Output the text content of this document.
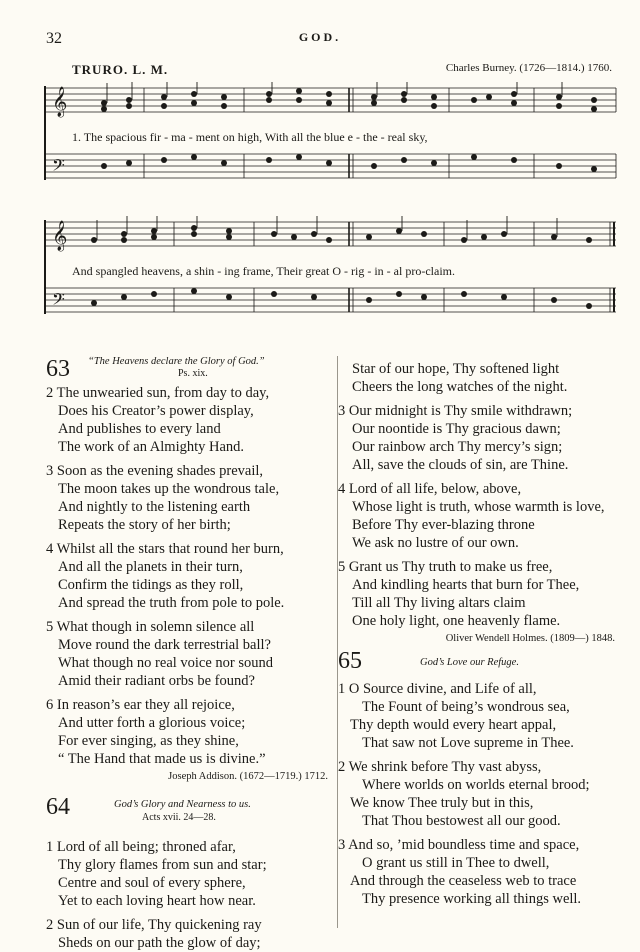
32	GOD.
TRURO. L. M.	Charles Burney. (1726—1814.) 1760.
𝄞
𝄢
1. The spacious fir - ma - ment on high, With all the blue e - the - real sky,
𝄞
𝄢
And spangled heavens, a shin - ing frame, Their great O - rig - in - al pro-claim.
63 “The Heavens declare the Glory of God.”
Ps. xix.
2 The unwearied sun, from day to day,
Does his Creator’s power display,
And publishes to every land
The work of an Almighty Hand.
3 Soon as the evening shades prevail,
The moon takes up the wondrous tale,
And nightly to the listening earth
Repeats the story of her birth;
4 Whilst all the stars that round her burn,
And all the planets in their turn,
Confirm the tidings as they roll,
And spread the truth from pole to pole.
5 What though in solemn silence all
Move round the dark terrestrial ball?
What though no real voice nor sound
Amid their radiant orbs be found?
6 In reason’s ear they all rejoice,
And utter forth a glorious voice;
For ever singing, as they shine,
“ The Hand that made us is divine.”
Joseph Addison. (1672—1719.) 1712.
64	God’s Glory and Nearness to us.
Acts xvii. 24—28.
1 Lord of all being; throned afar,
Thy glory flames from sun and star;
Centre and soul of every sphere,
Yet to each loving heart how near.
2 Sun of our life, Thy quickening ray
Sheds on our path the glow of day;
Star of our hope, Thy softened light
Cheers the long watches of the night.
3 Our midnight is Thy smile withdrawn;
Our noontide is Thy gracious dawn;
Our rainbow arch Thy mercy’s sign;
All, save the clouds of sin, are Thine.
4 Lord of all life, below, above,
Whose light is truth, whose warmth is love,
Before Thy ever-blazing throne
We ask no lustre of our own.
5 Grant us Thy truth to make us free,
And kindling hearts that burn for Thee,
Till all Thy living altars claim
One holy light, one heavenly flame.
Oliver Wendell Holmes. (1809—) 1848.
65	God’s Love our Refuge.
1 O Source divine, and Life of all,
The Fount of being’s wondrous sea,
Thy depth would every heart appal,
That saw not Love supreme in Thee.
2 We shrink before Thy vast abyss,
Where worlds on worlds eternal brood;
We know Thee truly but in this,
That Thou bestowest all our good.
3 And so, ’mid boundless time and space,
O grant us still in Thee to dwell,
And through the ceaseless web to trace
Thy presence working all things well.
